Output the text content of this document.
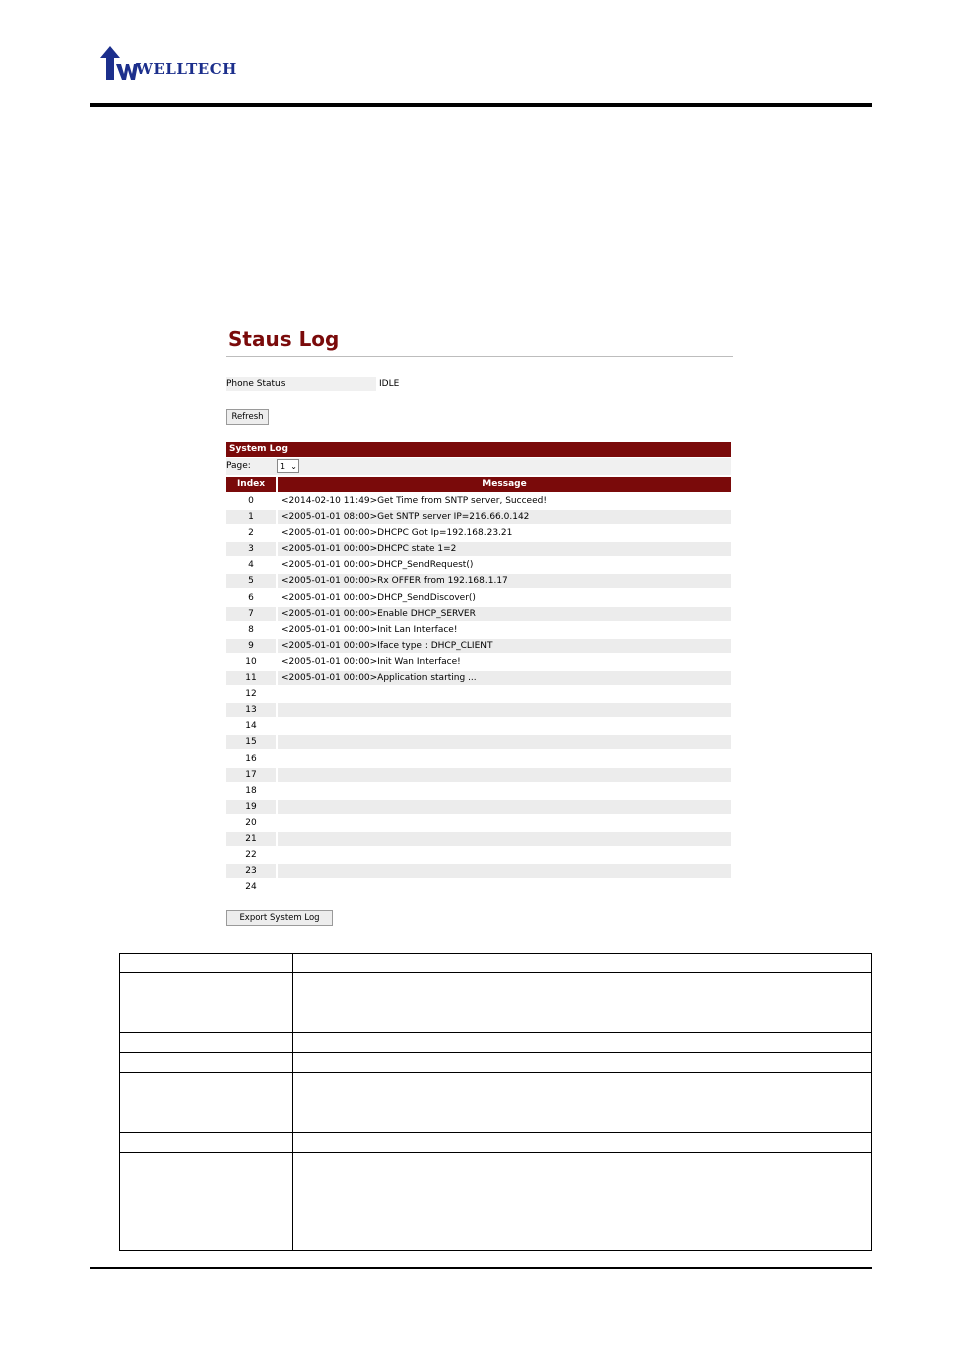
WELLTECH
Staus Log
Phone Status	IDLE
Refresh
System Log
Page:	1 ⌄
Index	Message
0	<2014-02-10 11:49>Get Time from SNTP server, Succeed!
1	<2005-01-01 08:00>Get SNTP server IP=216.66.0.142
2	<2005-01-01 00:00>DHCPC Got Ip=192.168.23.21
3	<2005-01-01 00:00>DHCPC state 1=2
4	<2005-01-01 00:00>DHCP_SendRequest()
5	<2005-01-01 00:00>Rx OFFER from 192.168.1.17
6	<2005-01-01 00:00>DHCP_SendDiscover()
7	<2005-01-01 00:00>Enable DHCP_SERVER
8	<2005-01-01 00:00>Init Lan Interface!
9	<2005-01-01 00:00>Iface type : DHCP_CLIENT
10	<2005-01-01 00:00>Init Wan Interface!
11	<2005-01-01 00:00>Application starting ...
12
13
14
15
16
17
18
19
20
21
22
23
24
Export System Log
